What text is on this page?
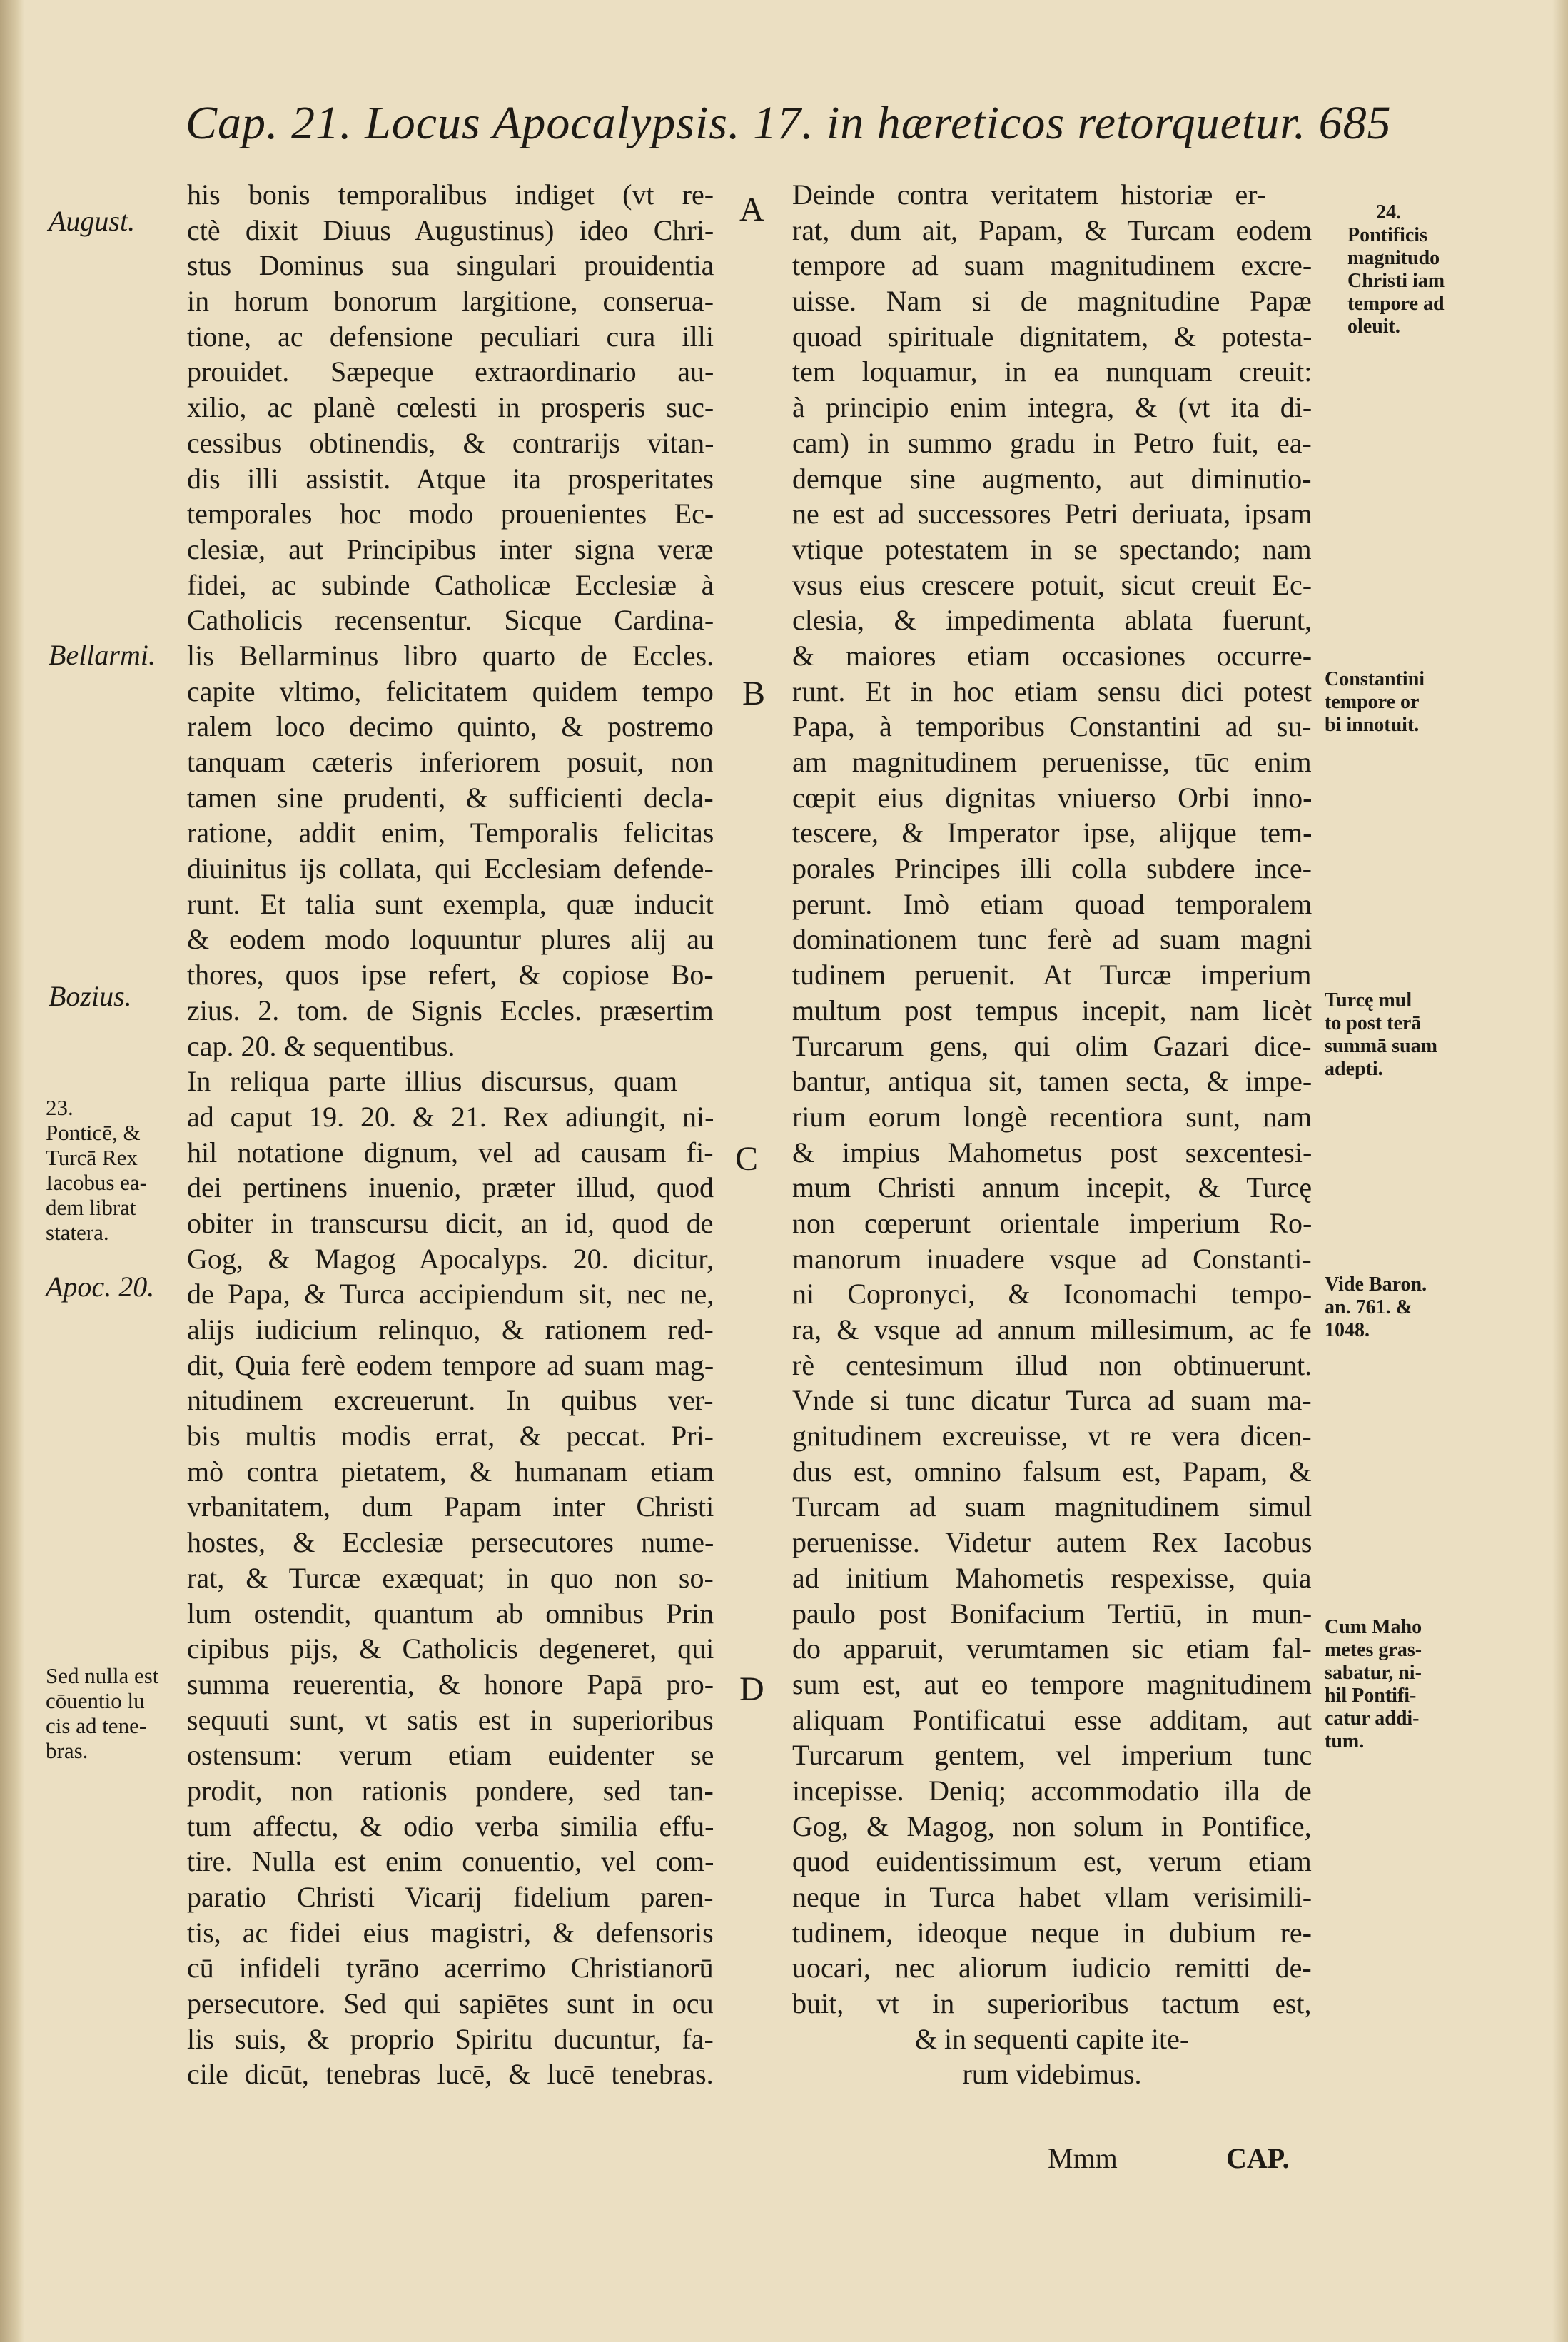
Cap. 21. Locus Apocalypsis. 17. in hæreticos retorquetur. 685
his bonis temporalibus indiget (vt re-
ctè dixit Diuus Augustinus) ideo Chri-
stus Dominus sua singulari prouidentia
in horum bonorum largitione, conserua-
tione, ac defensione peculiari cura illi
prouidet. Sæpeque extraordinario au-
xilio, ac planè cœlesti in prosperis suc-
cessibus obtinendis, & contrarijs vitan-
dis illi assistit. Atque ita prosperitates
temporales hoc modo prouenientes Ec-
clesiæ, aut Principibus inter signa veræ
fidei, ac subinde Catholicæ Ecclesiæ à
Catholicis recensentur. Sicque Cardina-
lis Bellarminus libro quarto de Eccles.
capite vltimo, felicitatem quidem tempo
ralem loco decimo quinto, & postremo
tanquam cæteris inferiorem posuit, non
tamen sine prudenti, & sufficienti decla-
ratione, addit enim, Temporalis felicitas
diuinitus ijs collata, qui Ecclesiam defende-
runt. Et talia sunt exempla, quæ inducit
& eodem modo loquuntur plures alij au
thores, quos ipse refert, & copiose Bo-
zius. 2. tom. de Signis Eccles. præsertim
cap. 20. & sequentibus.
In reliqua parte illius discursus, quam
ad caput 19. 20. & 21. Rex adiungit, ni-
hil notatione dignum, vel ad causam fi-
dei pertinens inuenio, præter illud, quod
obiter in transcursu dicit, an id, quod de
Gog, & Magog Apocalyps. 20. dicitur,
de Papa, & Turca accipiendum sit, nec ne,
alijs iudicium relinquo, & rationem red-
dit, Quia ferè eodem tempore ad suam mag-
nitudinem excreuerunt. In quibus ver-
bis multis modis errat, & peccat. Pri-
mò contra pietatem, & humanam etiam
vrbanitatem, dum Papam inter Christi
hostes, & Ecclesiæ persecutores nume-
rat, & Turcæ exæquat; in quo non so-
lum ostendit, quantum ab omnibus Prin
cipibus pijs, & Catholicis degeneret, qui
summa reuerentia, & honore Papā pro-
sequuti sunt, vt satis est in superioribus
ostensum: verum etiam euidenter se
prodit, non rationis pondere, sed tan-
tum affectu, & odio verba similia effu-
tire. Nulla est enim conuentio, vel com-
paratio Christi Vicarij fidelium paren-
tis, ac fidei eius magistri, & defensoris
cū infideli tyrāno acerrimo Christianorū
persecutore. Sed qui sapiētes sunt in ocu
lis suis, & proprio Spiritu ducuntur, fa-
cile dicūt, tenebras lucē, & lucē tenebras.
Deinde contra veritatem historiæ er-
rat, dum ait, Papam, & Turcam eodem
tempore ad suam magnitudinem excre-
uisse. Nam si de magnitudine Papæ
quoad spirituale dignitatem, & potesta-
tem loquamur, in ea nunquam creuit:
à principio enim integra, & (vt ita di-
cam) in summo gradu in Petro fuit, ea-
demque sine augmento, aut diminutio-
ne est ad successores Petri deriuata, ipsam
vtique potestatem in se spectando; nam
vsus eius crescere potuit, sicut creuit Ec-
clesia, & impedimenta ablata fuerunt,
& maiores etiam occasiones occurre-
runt. Et in hoc etiam sensu dici potest
Papa, à temporibus Constantini ad su-
am magnitudinem peruenisse, tūc enim
cœpit eius dignitas vniuerso Orbi inno-
tescere, & Imperator ipse, alijque tem-
porales Principes illi colla subdere ince-
perunt. Imò etiam quoad temporalem
dominationem tunc ferè ad suam magni
tudinem peruenit. At Turcæ imperium
multum post tempus incepit, nam licèt
Turcarum gens, qui olim Gazari dice-
bantur, antiqua sit, tamen secta, & impe-
rium eorum longè recentiora sunt, nam
& impius Mahometus post sexcentesi-
mum Christi annum incepit, & Turcę
non cœperunt orientale imperium Ro-
manorum inuadere vsque ad Constanti-
ni Copronyci, & Iconomachi tempo-
ra, & vsque ad annum millesimum, ac fe
rè centesimum illud non obtinuerunt.
Vnde si tunc dicatur Turca ad suam ma-
gnitudinem excreuisse, vt re vera dicen-
dus est, omnino falsum est, Papam, &
Turcam ad suam magnitudinem simul
peruenisse. Videtur autem Rex Iacobus
ad initium Mahometis respexisse, quia
paulo post Bonifacium Tertiū, in mun-
do apparuit, verumtamen sic etiam fal-
sum est, aut eo tempore magnitudinem
aliquam Pontificatui esse additam, aut
Turcarum gentem, vel imperium tunc
incepisse. Deniq; accommodatio illa de
Gog, & Magog, non solum in Pontifice,
quod euidentissimum est, verum etiam
neque in Turca habet vllam verisimili-
tudinem, ideoque neque in dubium re-
uocari, nec aliorum iudicio remitti de-
buit, vt in superioribus tactum est,
& in sequenti capite ite-
rum videbimus.
A
B
C
D
August.
Bellarmi.
Bozius.
23.
Ponticē, &
Turcā Rex
Iacobus ea-
dem librat
statera.
Apoc. 20.
Sed nulla est
cōuentio lu
cis ad tene-
bras.
24.
Pontificis
magnitudo
Christi iam
tempore ad
oleuit.
Constantini
tempore or
bi innotuit.
Turcę mul
to post terā
summā suam
adepti.
Vide Baron.
an. 761. &
1048.
Cum Maho
metes gras-
sabatur, ni-
hil Pontifi-
catur addi-
tum.
Mmm	CAP.
